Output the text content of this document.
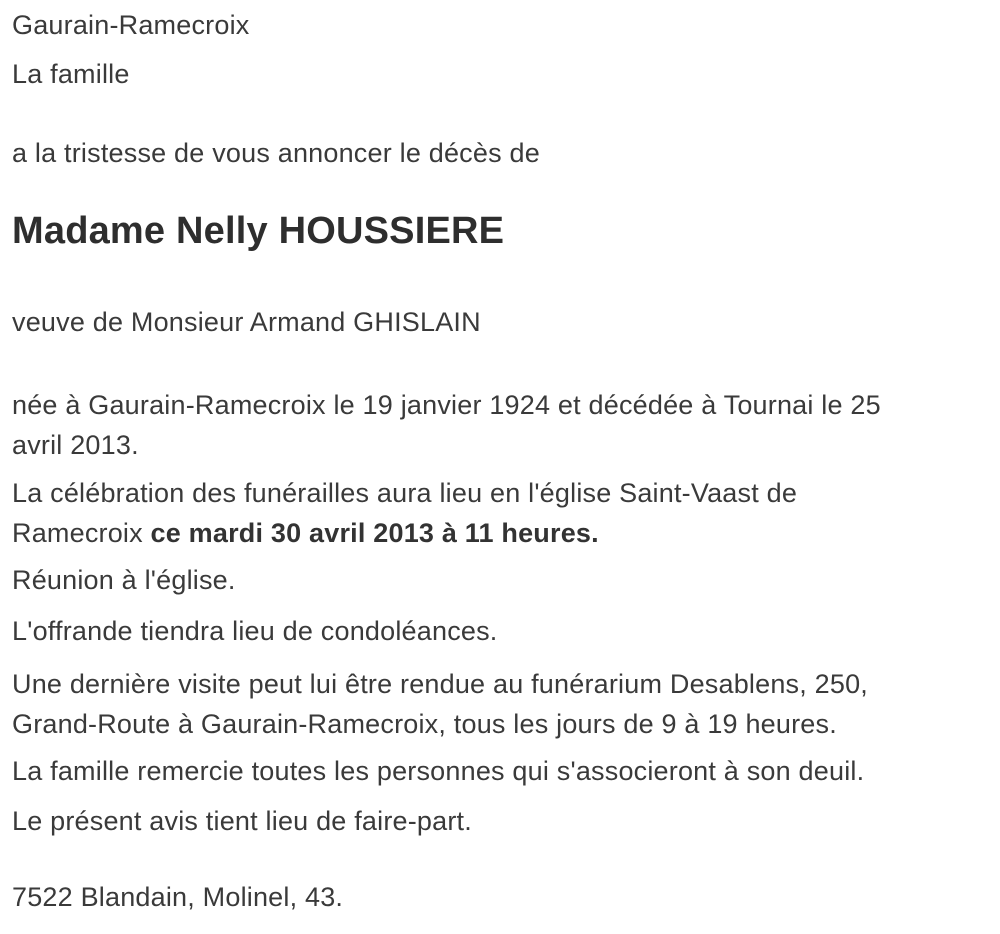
Gaurain-Ramecroix

La famille

a la tristesse de vous annoncer le décès de

Madame Nelly HOUSSIERE

veuve de Monsieur Armand GHISLAIN

née à Gaurain-Ramecroix le 19 janvier 1924 et décédée à Tournai le 25 avril 2013.

La célébration des funérailles aura lieu en l'église Saint-Vaast de Ramecroix ce mardi 30 avril 2013 à 11 heures.

Réunion à l'église.

L'offrande tiendra lieu de condoléances.

Une dernière visite peut lui être rendue au funérarium Desablens, 250, Grand-Route à Gaurain-Ramecroix, tous les jours de 9 à 19 heures.

La famille remercie toutes les personnes qui s'associeront à son deuil.

Le présent avis tient lieu de faire-part.

7522 Blandain, Molinel, 43.
